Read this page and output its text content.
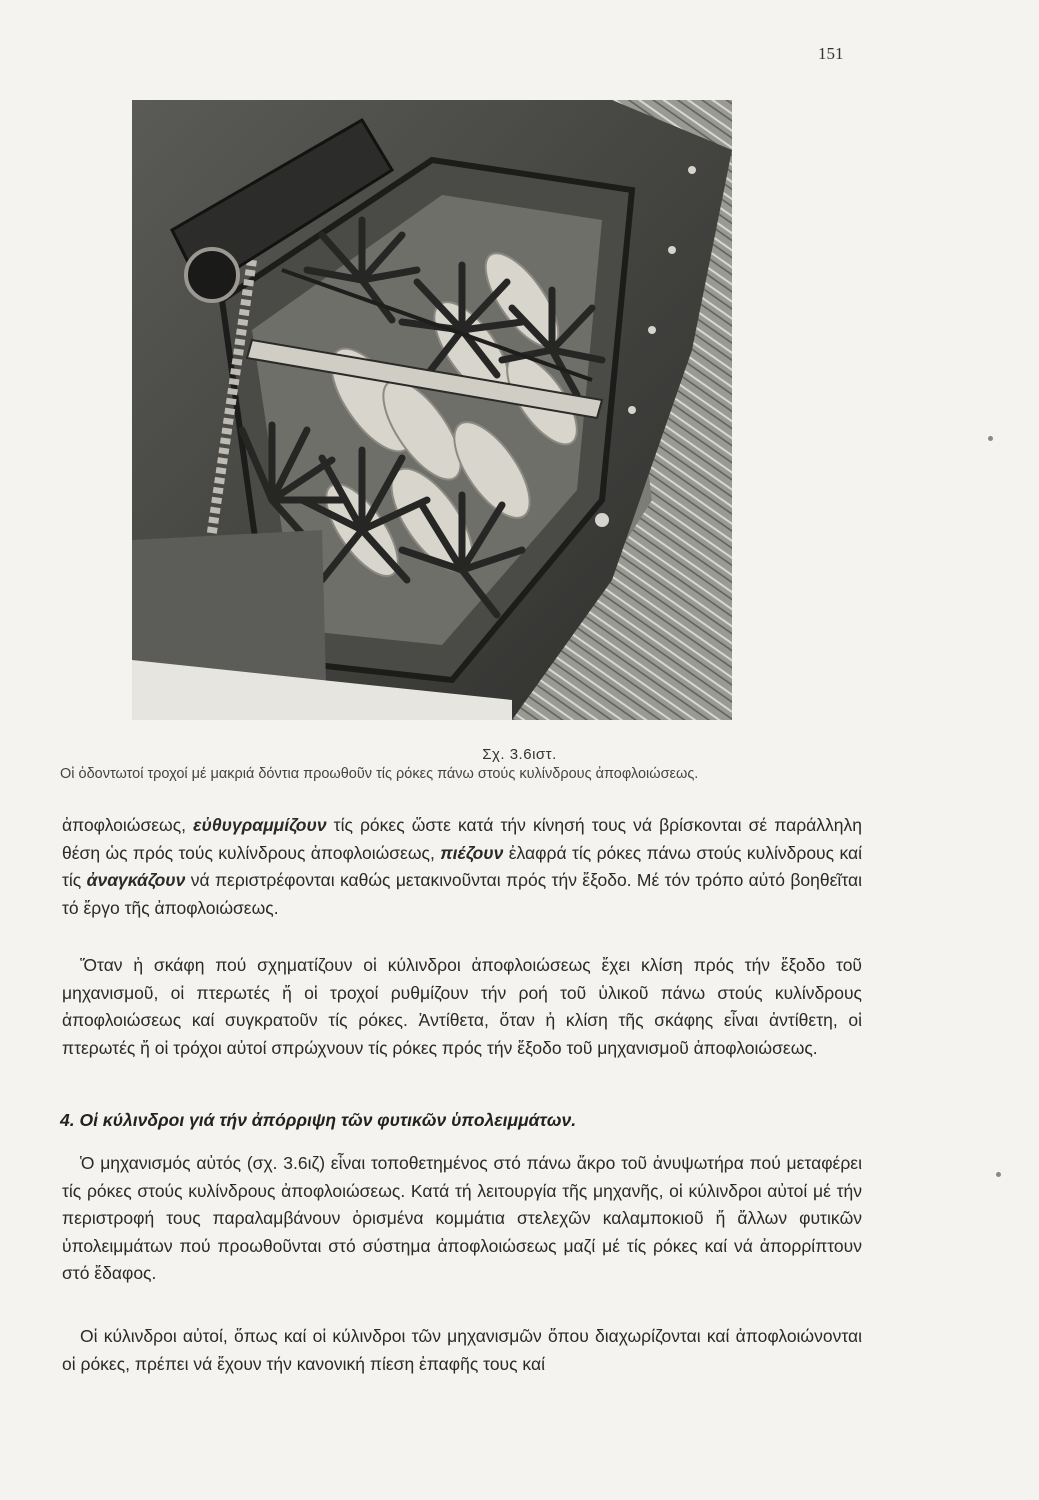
151
Σχ. 3.6ιστ.
Οἱ ὀδοντωτοί τροχοί μέ μακριά δόντια προωθοῦν τίς ρόκες πάνω στούς κυλίνδρους ἀποφλοιώσεως.

ἀποφλοιώσεως, εὐθυγραμμίζουν τίς ρόκες ὥστε κατά τήν κίνησή τους νά βρίσκονται σέ παράλληλη θέση ὡς πρός τούς κυλίνδρους ἀποφλοιώσεως, πιέζουν ἐλαφρά τίς ρόκες πάνω στούς κυλίνδρους καί τίς ἀναγκάζουν νά περιστρέφονται καθώς μετακινοῦνται πρός τήν ἔξοδο. Μέ τόν τρόπο αὐτό βοηθεῖται τό ἔργο τῆς ἀποφλοιώσεως.

Ὅταν ἡ σκάφη πού σχηματίζουν οἱ κύλινδροι ἀποφλοιώσεως ἔχει κλίση πρός τήν ἔξοδο τοῦ μηχανισμοῦ, οἱ πτερωτές ἤ οἱ τροχοί ρυθμίζουν τήν ροή τοῦ ὑλικοῦ πάνω στούς κυλίνδρους ἀποφλοιώσεως καί συγκρατοῦν τίς ρόκες. Ἀντίθετα, ὅταν ἡ κλίση τῆς σκάφης εἶναι ἀντίθετη, οἱ πτερωτές ἤ οἱ τρόχοι αὐτοί σπρώχνουν τίς ρόκες πρός τήν ἔξοδο τοῦ μηχανισμοῦ ἀποφλοιώσεως.

4. Οἱ κύλινδροι γιά τήν ἀπόρριψη τῶν φυτικῶν ὑπολειμμάτων.

Ὁ μηχανισμός αὐτός (σχ. 3.6ιζ) εἶναι τοποθετημένος στό πάνω ἄκρο τοῦ ἀνυψωτήρα πού μεταφέρει τίς ρόκες στούς κυλίνδρους ἀποφλοιώσεως. Κατά τή λειτουργία τῆς μηχανῆς, οἱ κύλινδροι αὐτοί μέ τήν περιστροφή τους παραλαμβάνουν ὁρισμένα κομμάτια στελεχῶν καλαμποκιοῦ ἤ ἄλλων φυτικῶν ὑπολειμμάτων πού προωθοῦνται στό σύστημα ἀποφλοιώσεως μαζί μέ τίς ρόκες καί νά ἀπορρίπτουν στό ἔδαφος.

Οἱ κύλινδροι αὐτοί, ὅπως καί οἱ κύλινδροι τῶν μηχανισμῶν ὅπου διαχωρίζονται καί ἀποφλοιώνονται οἱ ρόκες, πρέπει νά ἔχουν τήν κανονική πίεση ἐπαφῆς τους καί
